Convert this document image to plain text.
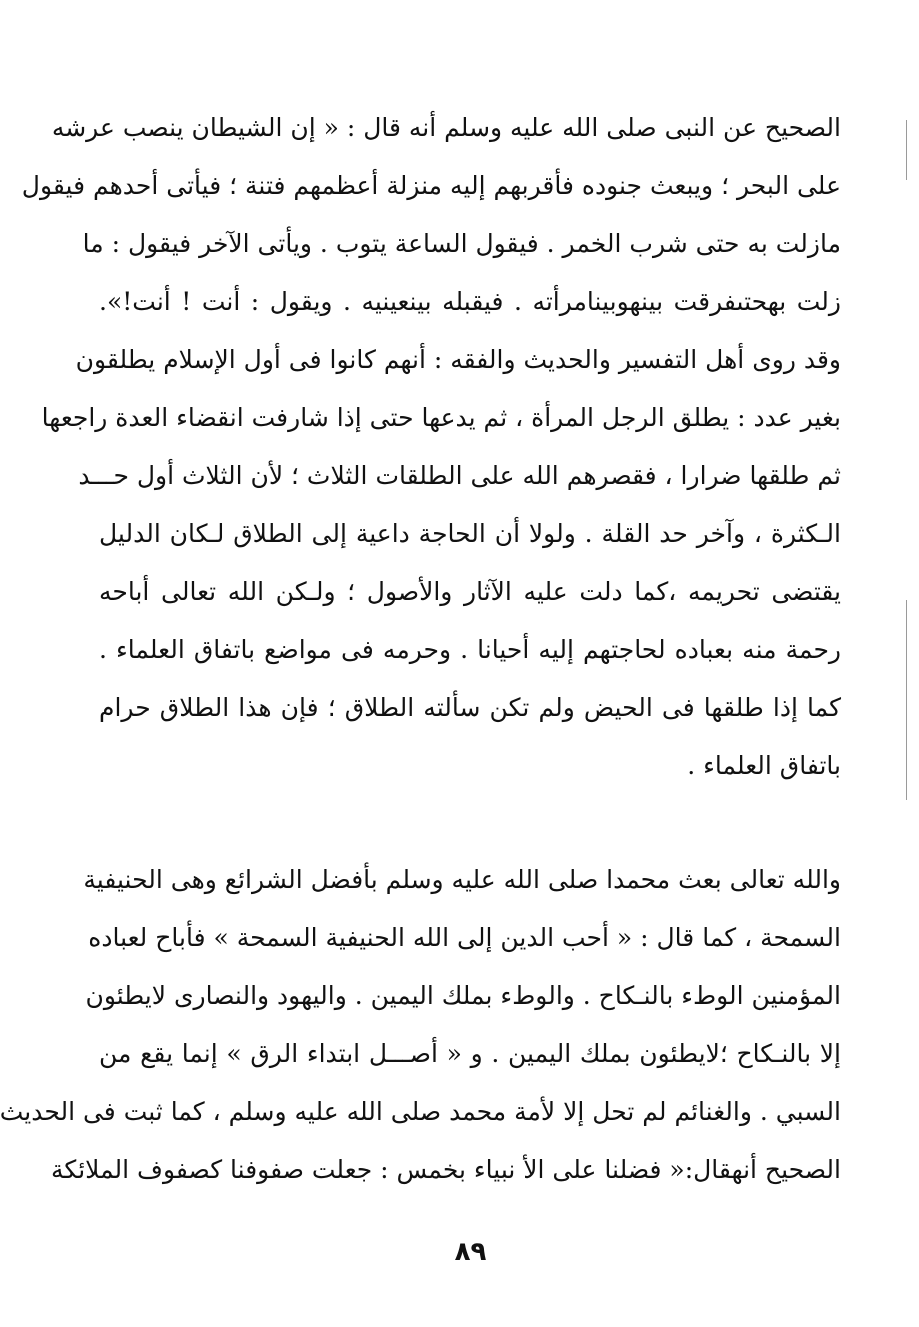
الصحيح عن النبى صلى الله عليه وسلم أنه قال : « إن الشيطان ينصب عرشه
على البحر ؛ ويبعث جنوده فأقربهم إليه منزلة أعظمهم فتنة ؛ فيأتى أحدهم فيقول
مازلت به حتى شرب الخمر . فيقول الساعة يتوب . ويأتى الآخر فيقول : ما
زلت بهحتىفرقت بينهوبينامرأته . فيقبله بينعينيه . ويقول : أنت ! أنت!».
وقد روى أهل التفسير والحديث والفقه : أنهم كانوا فى أول الإسلام يطلقون
بغير عدد : يطلق الرجل المرأة ، ثم يدعها حتى إذا شارفت انقضاء العدة راجعها
ثم طلقها ضرارا ، فقصرهم الله على الطلقات الثلاث ؛ لأن الثلاث أول حـــد
الـكثرة ، وآخر حد القلة . ولولا أن الحاجة داعية إلى الطلاق لـكان الدليل
يقتضى تحريمه ،كما دلت عليه الآثار والأصول ؛ ولـكن الله تعالى أباحه
رحمة منه بعباده لحاجتهم إليه أحيانا . وحرمه فى مواضع باتفاق العلماء .
كما إذا طلقها فى الحيض ولم تكن سألته الطلاق ؛ فإن هذا الطلاق حرام
باتفاق العلماء .
والله تعالى بعث محمدا صلى الله عليه وسلم بأفضل الشرائع وهى الحنيفية
السمحة ، كما قال : « أحب الدين إلى الله الحنيفية السمحة » فأباح لعباده
المؤمنين الوطء بالنـكاح . والوطء بملك اليمين . واليهود والنصارى لايطئون
إلا بالنـكاح ؛لايطئون بملك اليمين . و « أصـــل ابتداء الرق » إنما يقع من
السبي . والغنائم لم تحل إلا لأمة محمد صلى الله عليه وسلم ، كما ثبت فى الحديث
الصحيح أنهقال:« فضلنا على الأ نبياء بخمس : جعلت صفوفنا كصفوف الملائكة
٨٩
